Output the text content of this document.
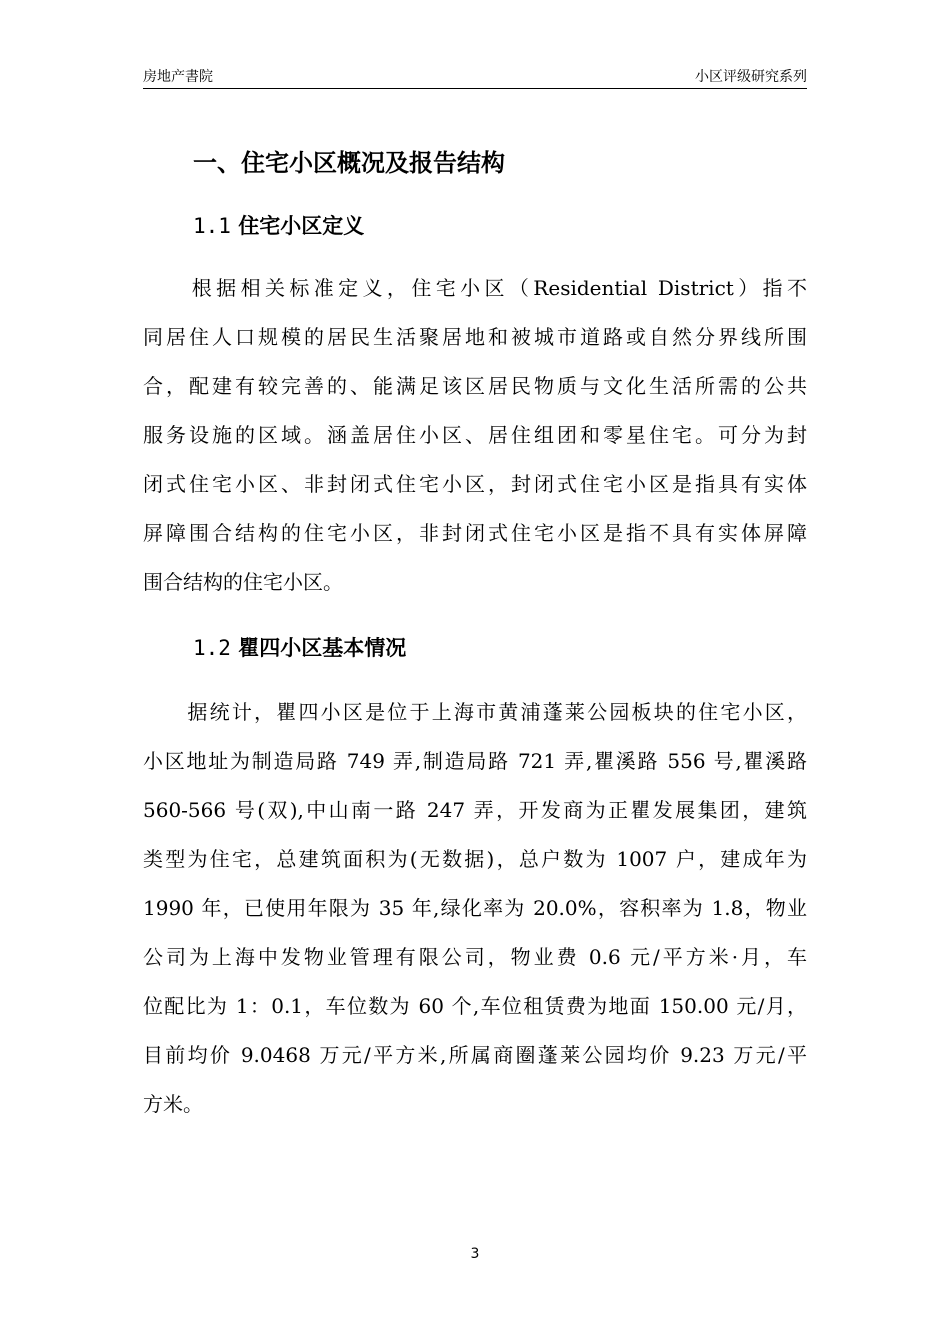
房地产書院	小区评级研究系列
一、住宅小区概况及报告结构
1.1 住宅小区定义
　　根据相关标准定义，住宅小区（Residential District）指不
同居住人口规模的居民生活聚居地和被城市道路或自然分界线所围
合，配建有较完善的、能满足该区居民物质与文化生活所需的公共
服务设施的区域。涵盖居住小区、居住组团和零星住宅。可分为封
闭式住宅小区、非封闭式住宅小区，封闭式住宅小区是指具有实体
屏障围合结构的住宅小区，非封闭式住宅小区是指不具有实体屏障
围合结构的住宅小区。
1.2 瞿四小区基本情况
　　据统计，瞿四小区是位于上海市黄浦蓬莱公园板块的住宅小区，
小区地址为制造局路 749 弄,制造局路 721 弄,瞿溪路 556 号,瞿溪路
560-566 号(双),中山南一路 247 弄，开发商为正瞿发展集团，建筑
类型为住宅，总建筑面积为(无数据)，总户数为 1007 户，建成年为
1990 年，已使用年限为 35 年,绿化率为 20.0%，容积率为 1.8，物业
公司为上海中发物业管理有限公司，物业费 0.6 元/平方米·月，车
位配比为 1：0.1，车位数为 60 个,车位租赁费为地面 150.00 元/月，
目前均价 9.0468 万元/平方米,所属商圈蓬莱公园均价 9.23 万元/平
方米。
3
